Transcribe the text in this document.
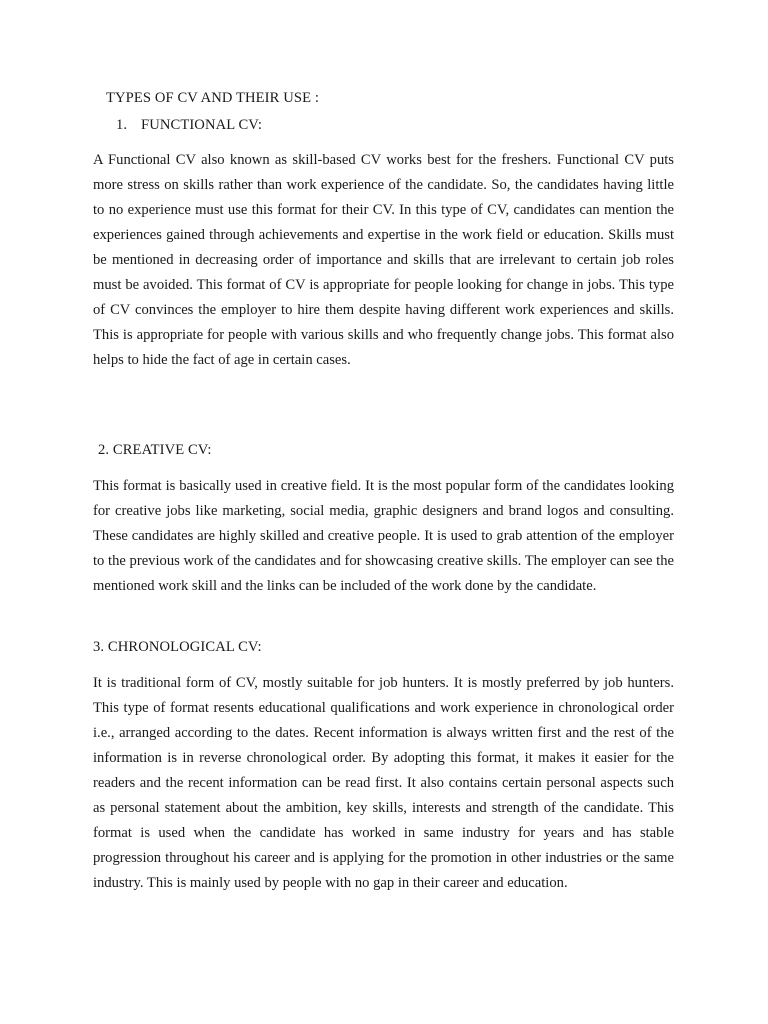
TYPES OF CV AND THEIR USE :
1. FUNCTIONAL CV:
A Functional CV also known as skill-based CV works best for the freshers. Functional CV puts more stress on skills rather than work experience of the candidate. So, the candidates having little to no experience must use this format for their CV. In this type of CV, candidates can mention the experiences gained through achievements and expertise in the work field or education. Skills must be mentioned in decreasing order of importance and skills that are irrelevant to certain job roles must be avoided. This format of CV is appropriate for people looking for change in jobs. This type of CV convinces the employer to hire them despite having different work experiences and skills. This is appropriate for people with various skills and who frequently change jobs. This format also helps to hide the fact of age in certain cases.
2. CREATIVE CV:
This format is basically used in creative field. It is the most popular form of the candidates looking for creative jobs like marketing, social media, graphic designers and brand logos and consulting. These candidates are highly skilled and creative people. It is used to grab attention of the employer to the previous work of the candidates and for showcasing creative skills. The employer can see the mentioned work skill and the links can be included of the work done by the candidate.
3. CHRONOLOGICAL CV:
It is traditional form of CV, mostly suitable for job hunters. It is mostly preferred by job hunters. This type of format resents educational qualifications and work experience in chronological order i.e., arranged according to the dates. Recent information is always written first and the rest of the information is in reverse chronological order. By adopting this format, it makes it easier for the readers and the recent information can be read first. It also contains certain personal aspects such as personal statement about the ambition, key skills, interests and strength of the candidate. This format is used when the candidate has worked in same industry for years and has stable progression throughout his career and is applying for the promotion in other industries or the same industry. This is mainly used by people with no gap in their career and education.
